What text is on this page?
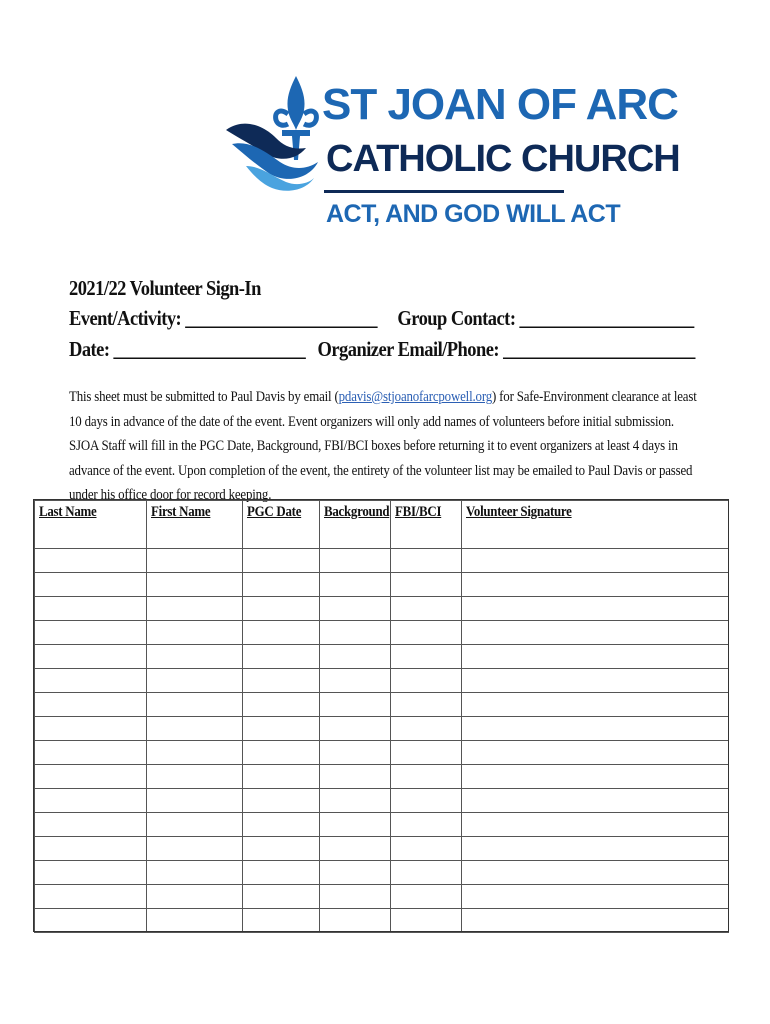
ST JOAN OF ARC
CATHOLIC CHURCH
ACT, AND GOD WILL ACT
2021/22 Volunteer Sign-In
Event/Activity: ______________________ Group Contact: ____________________
Date: ______________________ Organizer Email/Phone: ______________________
This sheet must be submitted to Paul Davis by email (pdavis@stjoanofarcpowell.org) for Safe-Environment clearance at least 10 days in advance of the date of the event. Event organizers will only add names of volunteers before initial submission. SJOA Staff will fill in the PGC Date, Background, FBI/BCI boxes before returning it to event organizers at least 4 days in advance of the event. Upon completion of the event, the entirety of the volunteer list may be emailed to Paul Davis or passed under his office door for record keeping.
Last Name	First Name	PGC Date	Background	FBI/BCI	Volunteer Signature
